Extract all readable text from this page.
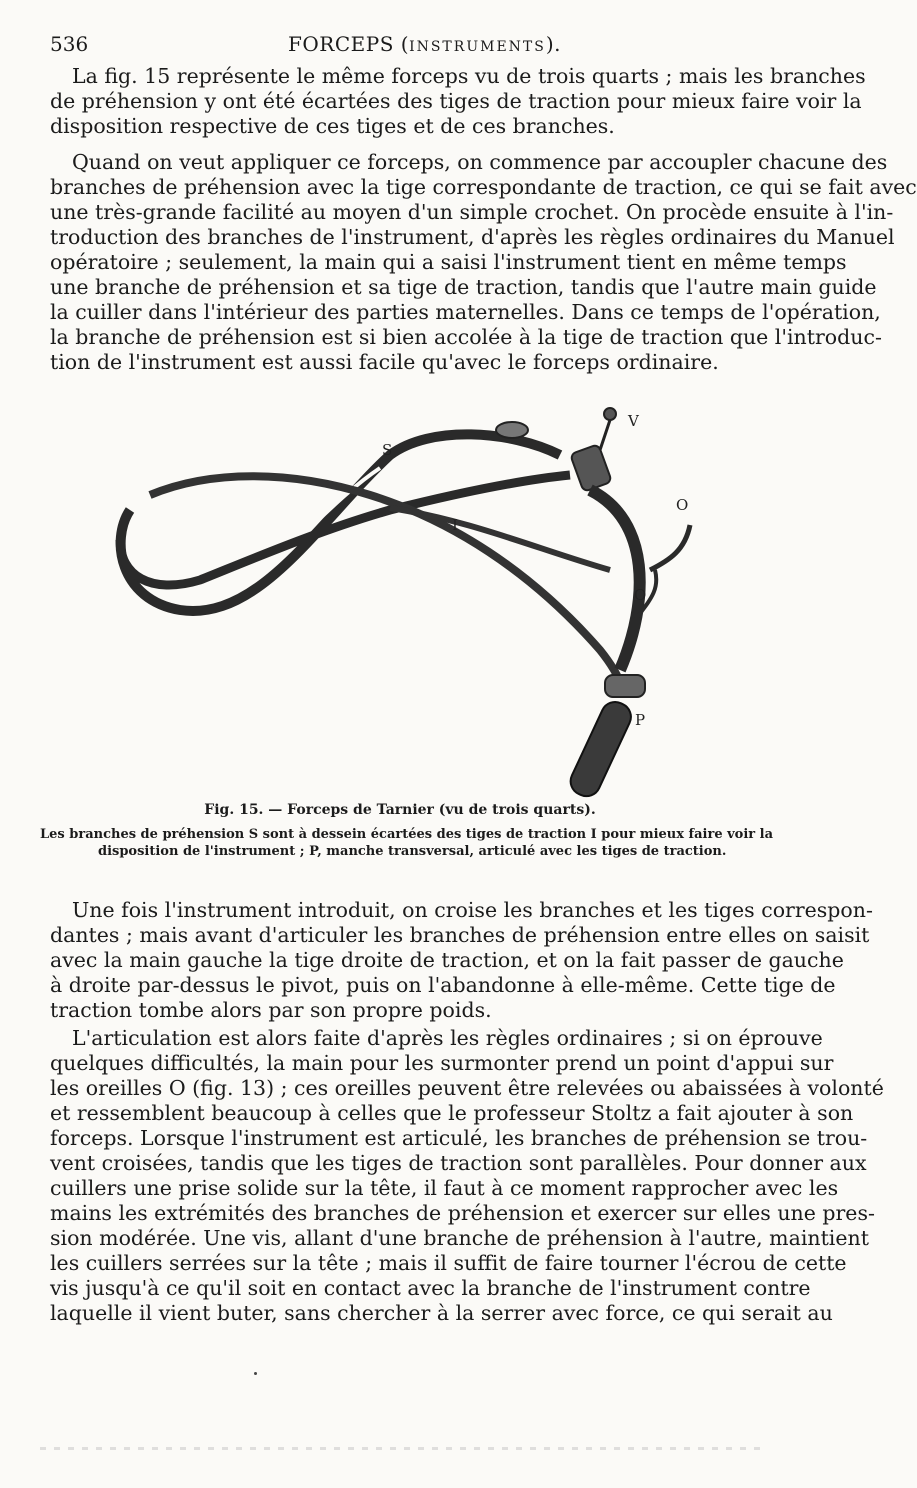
536	FORCEPS (INSTRUMENTS).

La fig. 15 représente le même forceps vu de trois quarts ; mais les branches
de préhension y ont été écartées des tiges de traction pour mieux faire voir la
disposition respective de ces tiges et de ces branches.

Quand on veut appliquer ce forceps, on commence par accoupler chacune des
branches de préhension avec la tige correspondante de traction, ce qui se fait avec
une très-grande facilité au moyen d'un simple crochet. On procède ensuite à l'in-
troduction des branches de l'instrument, d'après les règles ordinaires du Manuel
opératoire ; seulement, la main qui a saisi l'instrument tient en même temps
une branche de préhension et sa tige de traction, tandis que l'autre main guide
la cuiller dans l'intérieur des parties maternelles. Dans ce temps de l'opération,
la branche de préhension est si bien accolée à la tige de traction que l'introduc-
tion de l'instrument est aussi facile qu'avec le forceps ordinaire.

S
I
V
O
O
P
Fig. 15. — Forceps de Tarnier (vu de trois quarts).
Les branches de préhension S sont à dessein écartées des tiges de traction I pour mieux faire voir la
disposition de l'instrument ; P, manche transversal, articulé avec les tiges de traction.

Une fois l'instrument introduit, on croise les branches et les tiges correspon-
dantes ; mais avant d'articuler les branches de préhension entre elles on saisit
avec la main gauche la tige droite de traction, et on la fait passer de gauche
à droite par-dessus le pivot, puis on l'abandonne à elle-même. Cette tige de
traction tombe alors par son propre poids.

L'articulation est alors faite d'après les règles ordinaires ; si on éprouve
quelques difficultés, la main pour les surmonter prend un point d'appui sur
les oreilles O (fig. 13) ; ces oreilles peuvent être relevées ou abaissées à volonté
et ressemblent beaucoup à celles que le professeur Stoltz a fait ajouter à son
forceps. Lorsque l'instrument est articulé, les branches de préhension se trou-
vent croisées, tandis que les tiges de traction sont parallèles. Pour donner aux
cuillers une prise solide sur la tête, il faut à ce moment rapprocher avec les
mains les extrémités des branches de préhension et exercer sur elles une pres-
sion modérée. Une vis, allant d'une branche de préhension à l'autre, maintient
les cuillers serrées sur la tête ; mais il suffit de faire tourner l'écrou de cette
vis jusqu'à ce qu'il soit en contact avec la branche de l'instrument contre
laquelle il vient buter, sans chercher à la serrer avec force, ce qui serait au
